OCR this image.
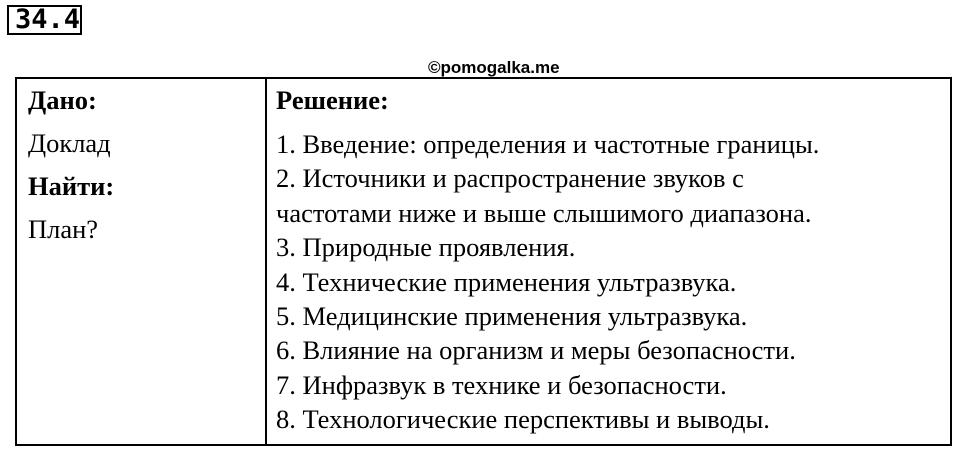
34.4
©pomogalka.me

Дано:

Доклад

Найти:

План?

Решение:

1. Введение: определения и частотные границы.

2. Источники и распространение звуков с

частотами ниже и выше слышимого диапазона.

3. Природные проявления.

4. Технические применения ультразвука.

5. Медицинские применения ультразвука.

6. Влияние на организм и меры безопасности.

7. Инфразвук в технике и безопасности.

8. Технологические перспективы и выводы.
